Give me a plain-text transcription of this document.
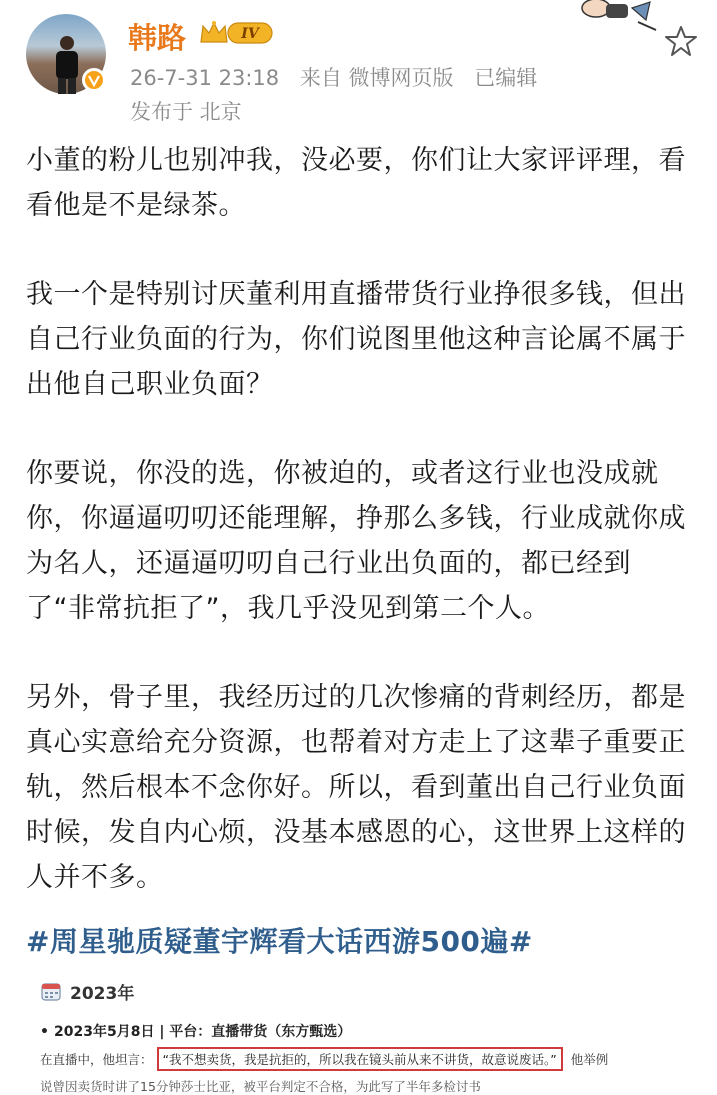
韩路	IV
26-7-31 23:18 来自 微博网页版 已编辑
发布于 北京

小董的粉儿也别冲我，没必要，你们让大家评评理，看看他是不是绿茶。

我一个是特别讨厌董利用直播带货行业挣很多钱，但出自己行业负面的行为，你们说图里他这种言论属不属于出他自己职业负面？

你要说，你没的选，你被迫的，或者这行业也没成就你，你逼逼叨叨还能理解，挣那么多钱，行业成就你成为名人，还逼逼叨叨自己行业出负面的，都已经到了“非常抗拒了”，我几乎没见到第二个人。

另外，骨子里，我经历过的几次惨痛的背刺经历，都是真心实意给充分资源，也帮着对方走上了这辈子重要正轨，然后根本不念你好。所以，看到董出自己行业负面时候，发自内心烦，没基本感恩的心，这世界上这样的人并不多。

#周星驰质疑董宇辉看大话西游500遍#
2023年
• 2023年5月8日 | 平台：直播带货（东方甄选）
在直播中，他坦言： “我不想卖货，我是抗拒的，所以我在镜头前从来不讲货，故意说废话。”	他举例
说曾因卖货时讲了15分钟莎士比亚，被平台判定不合格，为此写了半年多检讨书
